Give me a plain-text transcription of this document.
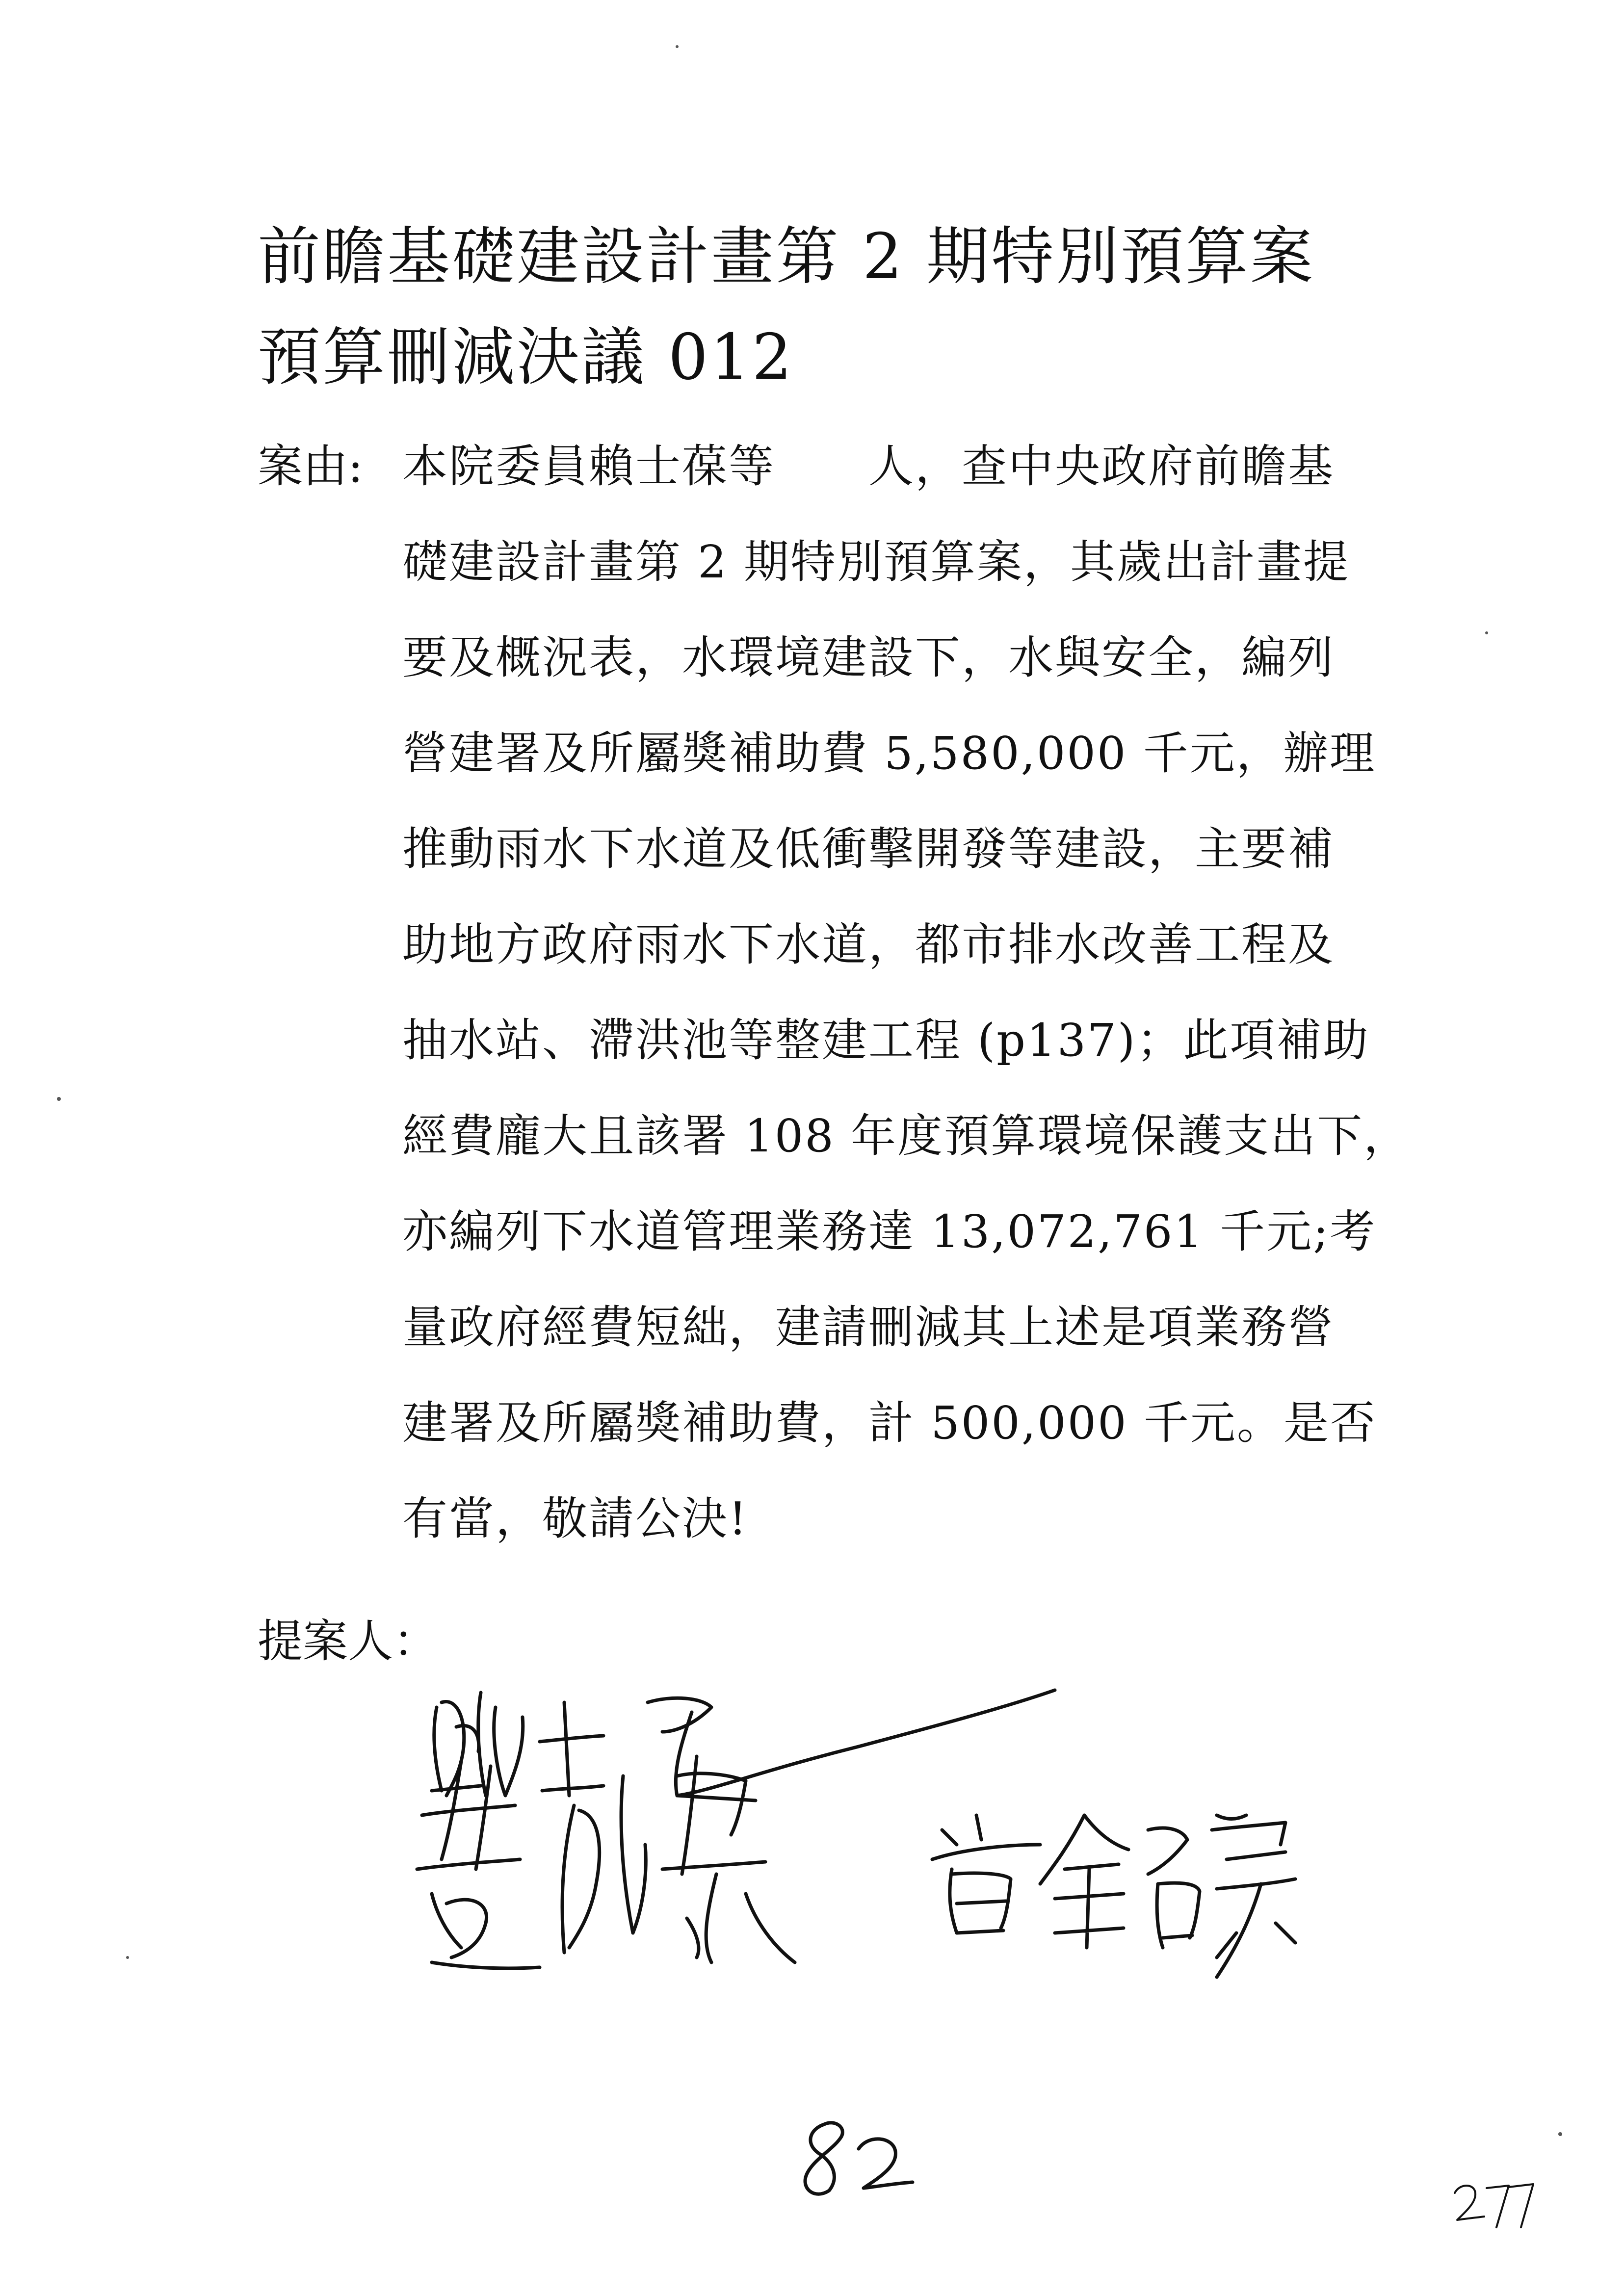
前瞻基礎建設計畫第 2 期特別預算案
預算刪減決議 012
案由: 本院委員賴士葆等　　人，查中央政府前瞻基
礎建設計畫第 2 期特別預算案，其歲出計畫提
要及概況表，水環境建設下，水與安全，編列
營建署及所屬獎補助費 5,580,000 千元，辦理
推動雨水下水道及低衝擊開發等建設，主要補
助地方政府雨水下水道，都市排水改善工程及
抽水站、滯洪池等整建工程 (p137)；此項補助
經費龐大且該署 108 年度預算環境保護支出下，
亦編列下水道管理業務達 13,072,761 千元;考
量政府經費短絀，建請刪減其上述是項業務營
建署及所屬獎補助費，計 500,000 千元。是否
有當，敬請公決!
提案人：
